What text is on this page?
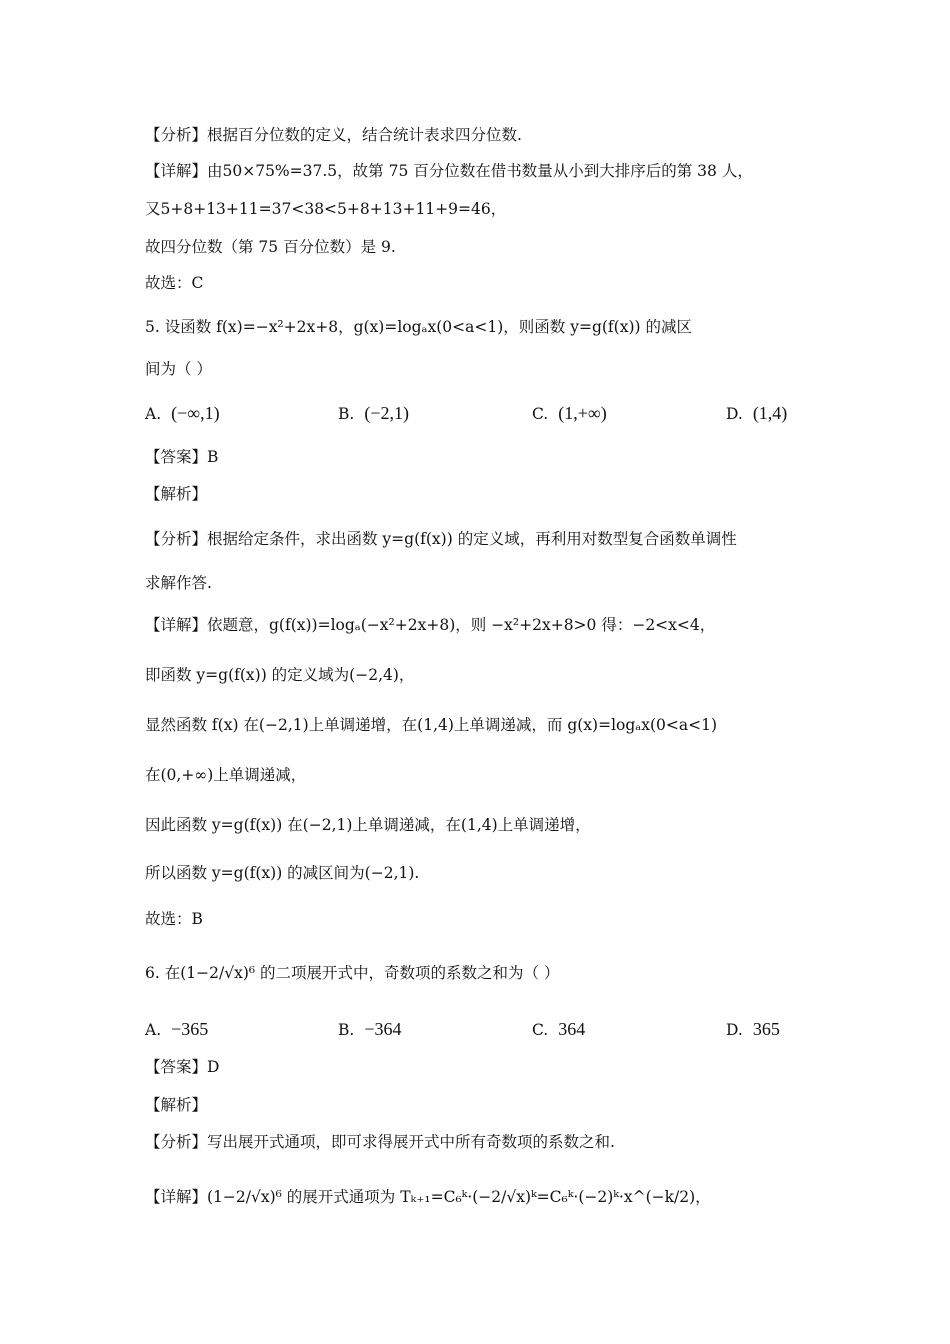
【分析】根据百分位数的定义，结合统计表求四分位数.
【详解】由50×75%=37.5，故第 75 百分位数在借书数量从小到大排序后的第 38 人，
又5+8+13+11=37<38<5+8+13+11+9=46，
故四分位数（第 75 百分位数）是 9.
故选：C
5. 设函数 f(x)=−x²+2x+8，g(x)=logₐx(0<a<1)，则函数 y=g(f(x)) 的减区
间为（ ）
A. (−∞,1)	B. (−2,1)	C. (1,+∞)	D. (1,4)
【答案】B
【解析】
【分析】根据给定条件，求出函数 y=g(f(x)) 的定义域，再利用对数型复合函数单调性
求解作答.
【详解】依题意，g(f(x))=logₐ(−x²+2x+8)，则 −x²+2x+8>0 得：−2<x<4，
即函数 y=g(f(x)) 的定义域为(−2,4)，
显然函数 f(x) 在(−2,1)上单调递增，在(1,4)上单调递减，而 g(x)=logₐx(0<a<1)
在(0,+∞)上单调递减，
因此函数 y=g(f(x)) 在(−2,1)上单调递减，在(1,4)上单调递增，
所以函数 y=g(f(x)) 的减区间为(−2,1).
故选：B
6. 在(1−2/√x)⁶ 的二项展开式中，奇数项的系数之和为（ ）
A. −365	B. −364	C. 364	D. 365
【答案】D
【解析】
【分析】写出展开式通项，即可求得展开式中所有奇数项的系数之和.
【详解】(1−2/√x)⁶ 的展开式通项为 Tₖ₊₁=C₆ᵏ·(−2/√x)ᵏ=C₆ᵏ·(−2)ᵏ·x^(−k/2)，
